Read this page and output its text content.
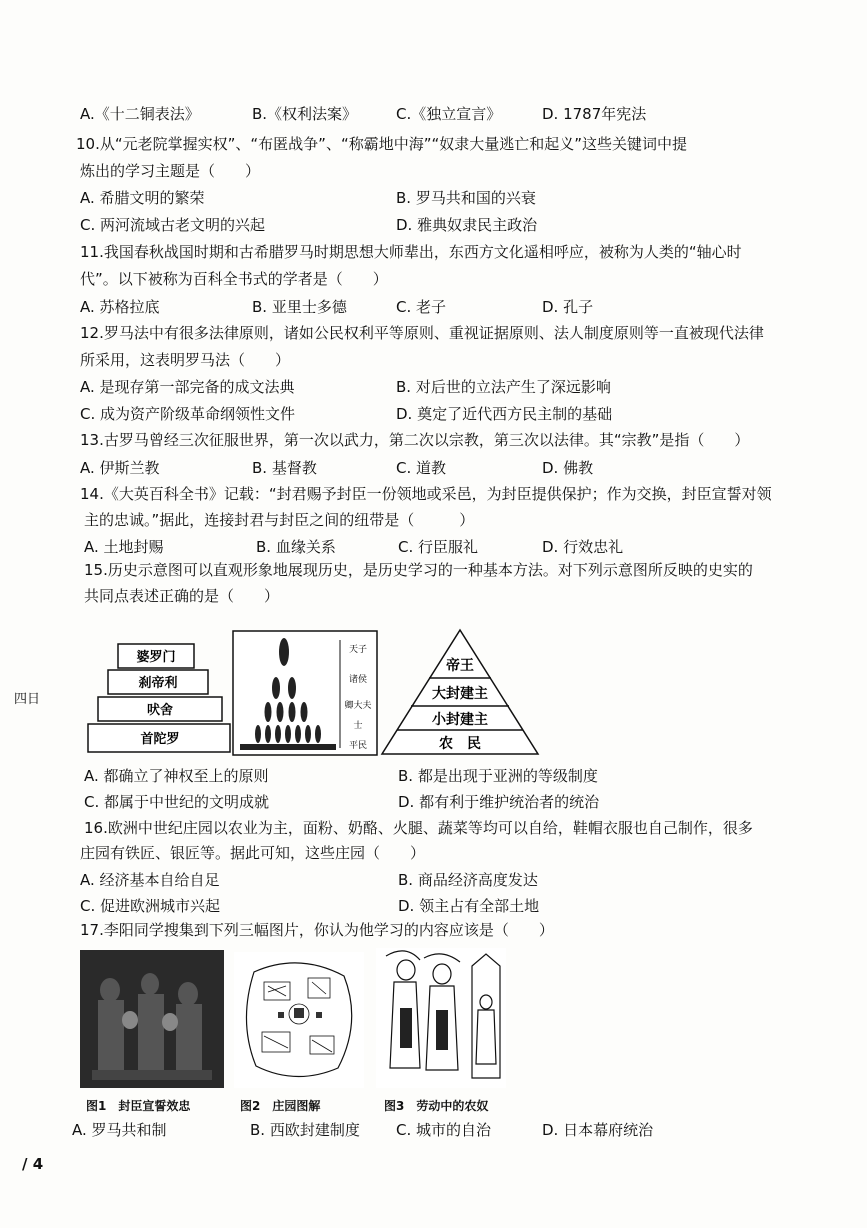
A.《十二铜表法》	B.《权利法案》	C.《独立宣言》	D. 1787年宪法
10.从“元老院掌握实权”、“布匿战争”、“称霸地中海”“奴隶大量逃亡和起义”这些关键词中提
炼出的学习主题是（　　）
A. 希腊文明的繁荣	B. 罗马共和国的兴衰
C. 两河流域古老文明的兴起	D. 雅典奴隶民主政治
11.我国春秋战国时期和古希腊罗马时期思想大师辈出，东西方文化遥相呼应，被称为人类的“轴心时
代”。以下被称为百科全书式的学者是（　　）
A. 苏格拉底	B. 亚里士多德	C. 老子	D. 孔子
12.罗马法中有很多法律原则，诸如公民权利平等原则、重视证据原则、法人制度原则等一直被现代法律
所采用，这表明罗马法（　　）
A. 是现存第一部完备的成文法典	B. 对后世的立法产生了深远影响
C. 成为资产阶级革命纲领性文件	D. 奠定了近代西方民主制的基础
13.古罗马曾经三次征服世界，第一次以武力，第二次以宗教，第三次以法律。其“宗教”是指（　　）
A. 伊斯兰教	B. 基督教	C. 道教	D. 佛教
14.《大英百科全书》记载：“封君赐予封臣一份领地或采邑，为封臣提供保护；作为交换，封臣宣誓对领
主的忠诚。”据此，连接封君与封臣之间的纽带是（　　　）
A. 土地封赐	B. 血缘关系	C. 行臣服礼	D. 行效忠礼
15.历史示意图可以直观形象地展现历史，是历史学习的一种基本方法。对下列示意图所反映的史实的
共同点表述正确的是（　　）
四日
婆罗门
刹帝利
吠舍
首陀罗
天子
诸侯
卿大夫
士
平民
帝王
大封建主
小封建主
农　民
A. 都确立了神权至上的原则	B. 都是出现于亚洲的等级制度
C. 都属于中世纪的文明成就	D. 都有利于维护统治者的统治
16.欧洲中世纪庄园以农业为主，面粉、奶酪、火腿、蔬菜等均可以自给，鞋帽衣服也自己制作，很多
庄园有铁匠、银匠等。据此可知，这些庄园（　　）
A. 经济基本自给自足	B. 商品经济高度发达
C. 促进欧洲城市兴起	D. 领主占有全部土地
17.李阳同学搜集到下列三幅图片，你认为他学习的内容应该是（　　）
图1　封臣宣誓效忠	图2　庄园图解	图3　劳动中的农奴
A. 罗马共和制	B. 西欧封建制度 C. 城市的自治	D. 日本幕府统治
/ 4
